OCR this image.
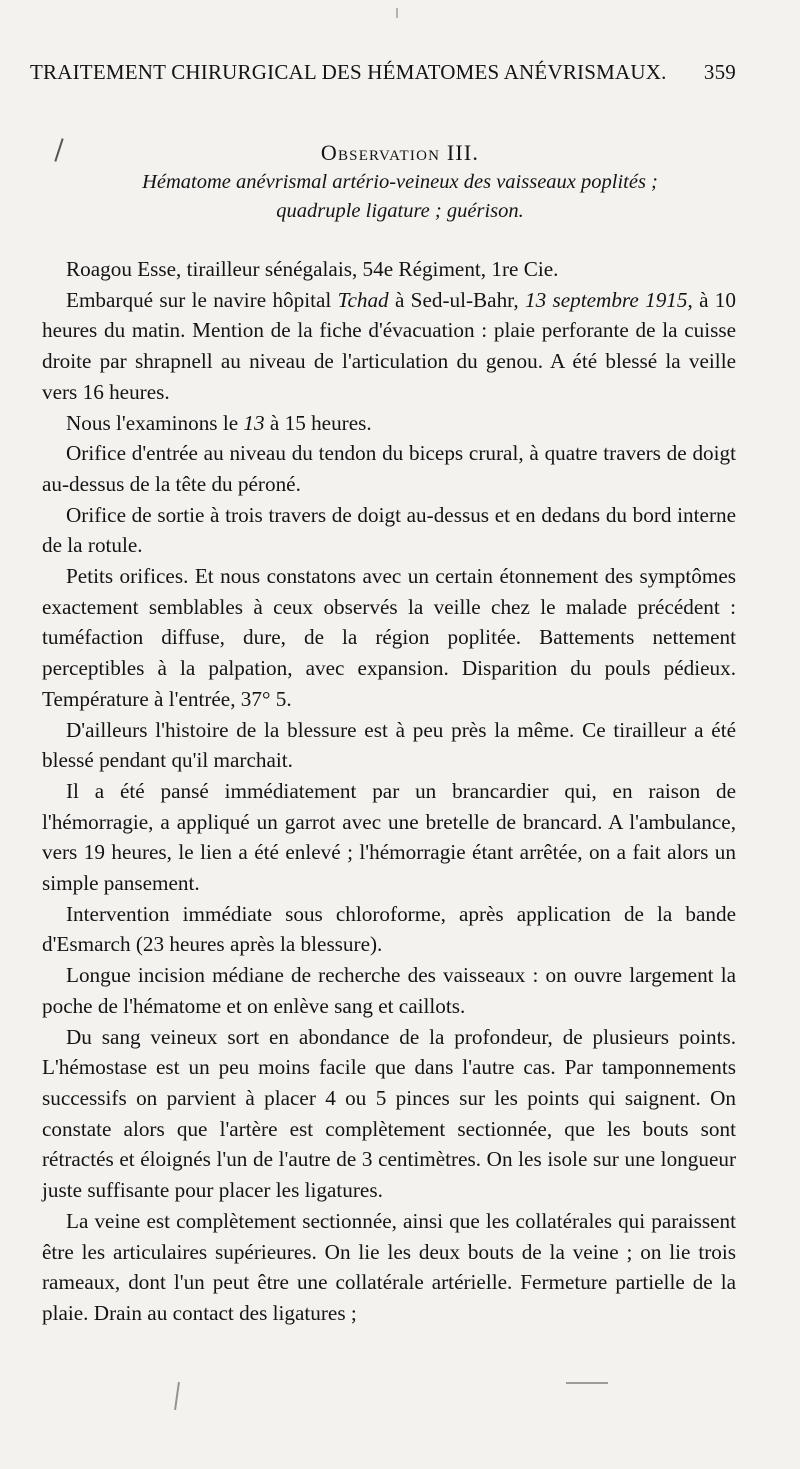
TRAITEMENT CHIRURGICAL DES HÉMATOMES ANÉVRISMAUX. 359
Observation III.
Hématome anévrismal artério-veineux des vaisseaux poplités ;
quadruple ligature ; guérison.

Roagou Esse, tirailleur sénégalais, 54e Régiment, 1re Cie.

Embarqué sur le navire hôpital Tchad à Sed-ul-Bahr, 13 septembre 1915, à 10 heures du matin. Mention de la fiche d'évacuation : plaie perforante de la cuisse droite par shrapnell au niveau de l'articulation du genou. A été blessé la veille vers 16 heures.

Nous l'examinons le 13 à 15 heures.

Orifice d'entrée au niveau du tendon du biceps crural, à quatre travers de doigt au-dessus de la tête du péroné.

Orifice de sortie à trois travers de doigt au-dessus et en dedans du bord interne de la rotule.

Petits orifices. Et nous constatons avec un certain étonnement des symptômes exactement semblables à ceux observés la veille chez le malade précédent : tuméfaction diffuse, dure, de la région poplitée. Battements nettement perceptibles à la palpation, avec expansion. Disparition du pouls pédieux. Température à l'entrée, 37° 5.

D'ailleurs l'histoire de la blessure est à peu près la même. Ce tirailleur a été blessé pendant qu'il marchait.

Il a été pansé immédiatement par un brancardier qui, en raison de l'hémorragie, a appliqué un garrot avec une bretelle de brancard. A l'ambulance, vers 19 heures, le lien a été enlevé ; l'hémorragie étant arrêtée, on a fait alors un simple pansement.

Intervention immédiate sous chloroforme, après application de la bande d'Esmarch (23 heures après la blessure).

Longue incision médiane de recherche des vaisseaux : on ouvre largement la poche de l'hématome et on enlève sang et caillots.

Du sang veineux sort en abondance de la profondeur, de plusieurs points. L'hémostase est un peu moins facile que dans l'autre cas. Par tamponnements successifs on parvient à placer 4 ou 5 pinces sur les points qui saignent. On constate alors que l'artère est complètement sectionnée, que les bouts sont rétractés et éloignés l'un de l'autre de 3 centimètres. On les isole sur une longueur juste suffisante pour placer les ligatures.

La veine est complètement sectionnée, ainsi que les collatérales qui paraissent être les articulaires supérieures. On lie les deux bouts de la veine ; on lie trois rameaux, dont l'un peut être une collatérale artérielle. Fermeture partielle de la plaie. Drain au contact des ligatures ;
